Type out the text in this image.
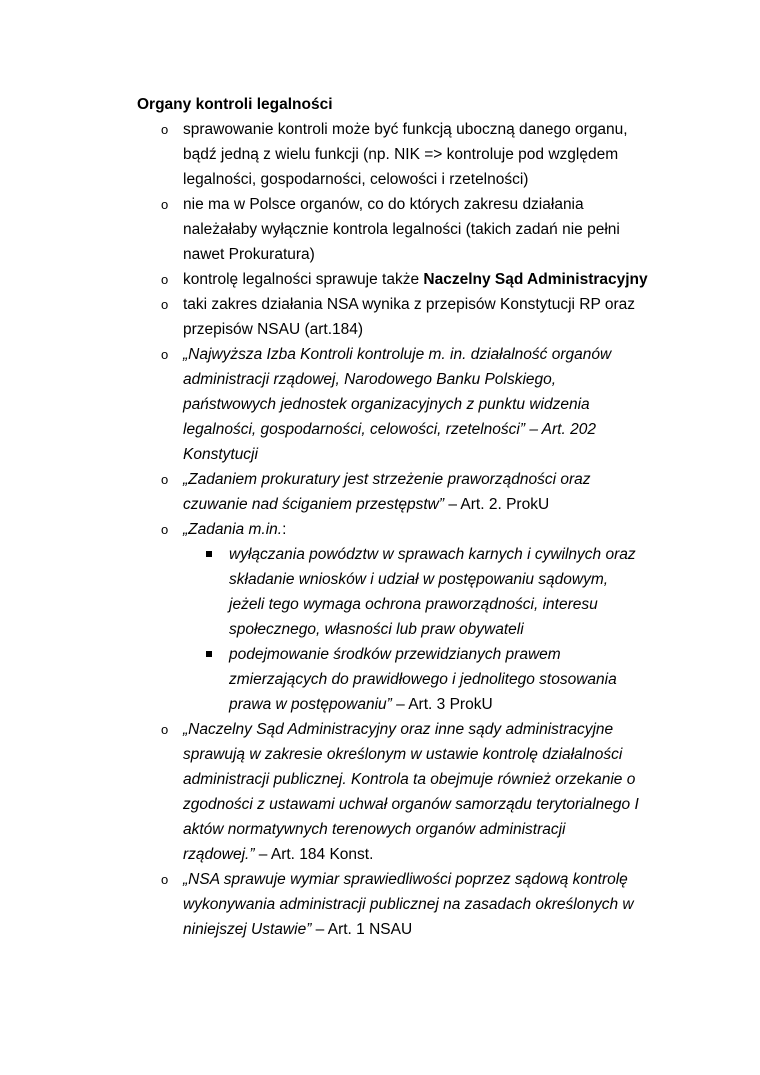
Organy kontroli legalności
o sprawowanie kontroli może być funkcją uboczną danego organu,
bądź jedną z wielu funkcji (np. NIK => kontroluje pod względem
legalności, gospodarności, celowości i rzetelności)
o nie ma w Polsce organów, co do których zakresu działania
należałaby wyłącznie kontrola legalności (takich zadań nie pełni
nawet Prokuratura)
o kontrolę legalności sprawuje także Naczelny Sąd Administracyjny
o taki zakres działania NSA wynika z przepisów Konstytucji RP oraz
przepisów NSAU (art.184)
o „Najwyższa Izba Kontroli kontroluje m. in. działalność organów
administracji rządowej, Narodowego Banku Polskiego,
państwowych jednostek organizacyjnych z punktu widzenia
legalności, gospodarności, celowości, rzetelności” – Art. 202
Konstytucji
o „Zadaniem prokuratury jest strzeżenie praworządności oraz
czuwanie nad ściganiem przestępstw” – Art. 2. ProkU
o „Zadania m.in.:
wyłączania powództw w sprawach karnych i cywilnych oraz
składanie wniosków i udział w postępowaniu sądowym,
jeżeli tego wymaga ochrona praworządności, interesu
społecznego, własności lub praw obywateli
podejmowanie środków przewidzianych prawem
zmierzających do prawidłowego i jednolitego stosowania
prawa w postępowaniu” – Art. 3 ProkU
o „Naczelny Sąd Administracyjny oraz inne sądy administracyjne
sprawują w zakresie określonym w ustawie kontrolę działalności
administracji publicznej. Kontrola ta obejmuje również orzekanie o
zgodności z ustawami uchwał organów samorządu terytorialnego I
aktów normatywnych terenowych organów administracji
rządowej.” – Art. 184 Konst.
o „NSA sprawuje wymiar sprawiedliwości poprzez sądową kontrolę
wykonywania administracji publicznej na zasadach określonych w
niniejszej Ustawie” – Art. 1 NSAU
